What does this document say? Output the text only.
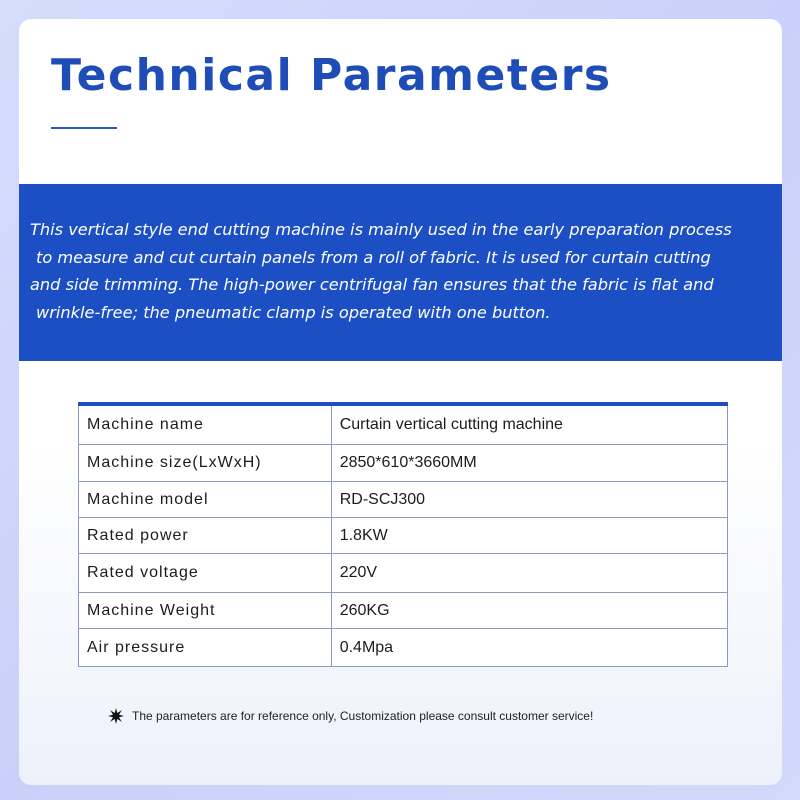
Technical Parameters

This vertical style end cutting machine is mainly used in the early preparation process
to measure and cut curtain panels from a roll of fabric. It is used for curtain cutting
and side trimming. The high-power centrifugal fan ensures that the fabric is flat and
wrinkle-free; the pneumatic clamp is operated with one button.

Machine name	Curtain vertical cutting machine
Machine size(LxWxH)	2850*610*3660MM
Machine model	RD-SCJ300
Rated power	1.8KW
Rated voltage	220V
Machine Weight	260KG
Air pressure	0.4Mpa
The parameters are for reference only, Customization please consult customer service!
